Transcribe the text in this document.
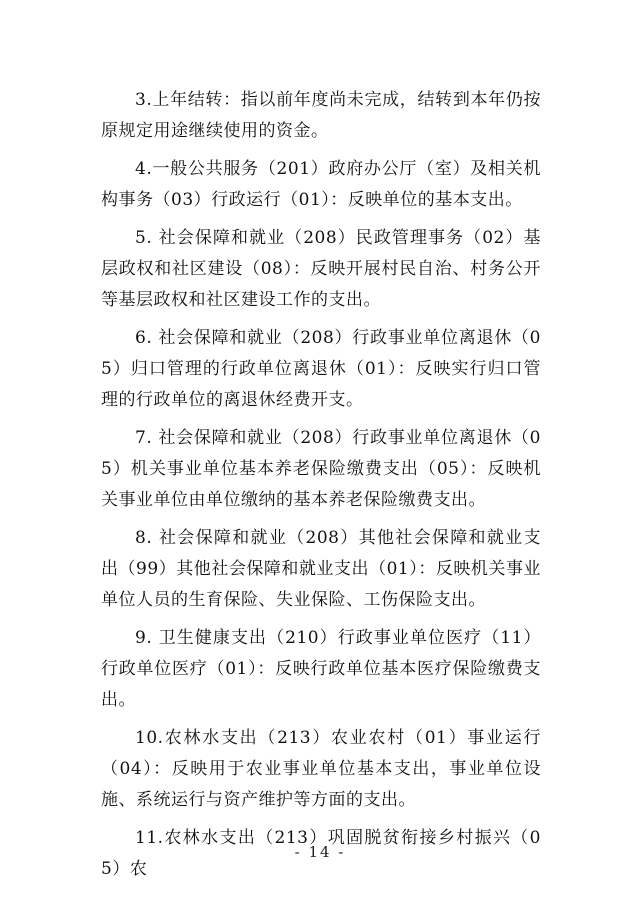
3.上年结转：指以前年度尚未完成，结转到本年仍按原规定用途继续使用的资金。

4.一般公共服务（201）政府办公厅（室）及相关机构事务（03）行政运行（01）：反映单位的基本支出。

5. 社会保障和就业（208）民政管理事务（02）基层政权和社区建设（08）：反映开展村民自治、村务公开等基层政权和社区建设工作的支出。

6. 社会保障和就业（208）行政事业单位离退休（05）归口管理的行政单位离退休（01）：反映实行归口管理的行政单位的离退休经费开支。

7. 社会保障和就业（208）行政事业单位离退休（05）机关事业单位基本养老保险缴费支出（05）：反映机关事业单位由单位缴纳的基本养老保险缴费支出。

8. 社会保障和就业（208）其他社会保障和就业支出（99）其他社会保障和就业支出（01）：反映机关事业单位人员的生育保险、失业保险、工伤保险支出。

9. 卫生健康支出（210）行政事业单位医疗（11）行政单位医疗（01）：反映行政单位基本医疗保险缴费支出。

10.农林水支出（213）农业农村（01）事业运行（04）：反映用于农业事业单位基本支出，事业单位设施、系统运行与资产维护等方面的支出。

11.农林水支出（213）巩固脱贫衔接乡村振兴（05）农

- 14 -
